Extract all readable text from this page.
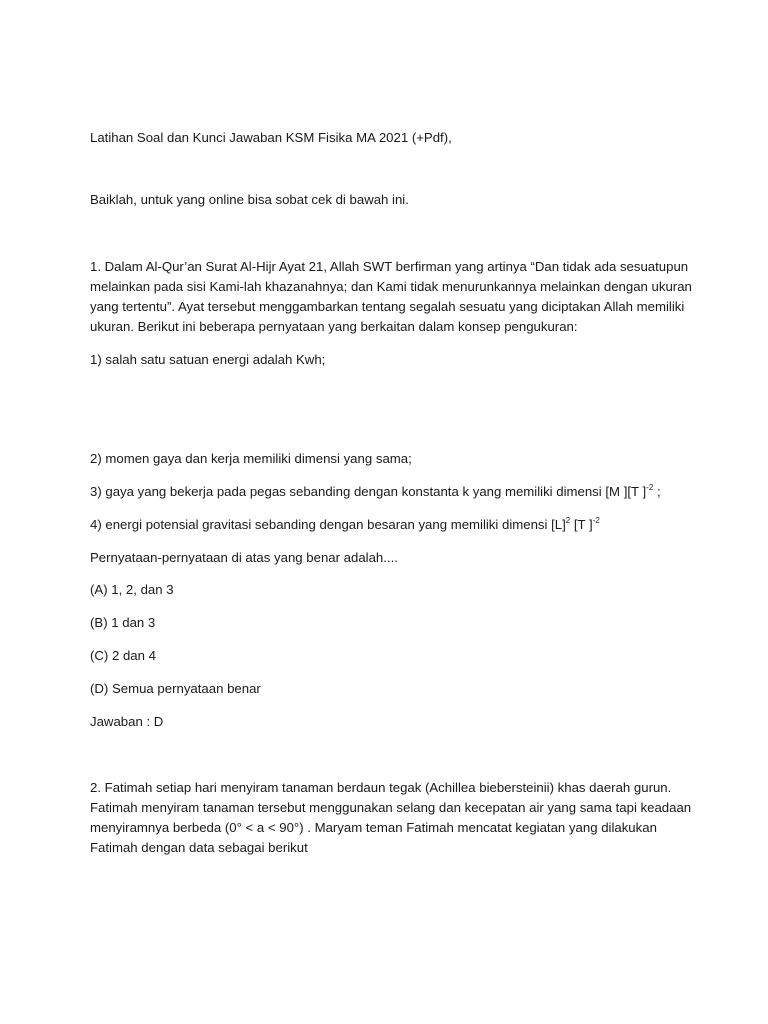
Latihan Soal dan Kunci Jawaban KSM Fisika MA 2021 (+Pdf),
Baiklah, untuk yang online bisa sobat cek di bawah ini.
1. Dalam Al-Qur’an Surat Al-Hijr Ayat 21, Allah SWT berfirman yang artinya “Dan tidak ada sesuatupun
melainkan pada sisi Kami-lah khazanahnya; dan Kami tidak menurunkannya melainkan dengan ukuran
yang tertentu”. Ayat tersebut menggambarkan tentang segalah sesuatu yang diciptakan Allah memiliki
ukuran. Berikut ini beberapa pernyataan yang berkaitan dalam konsep pengukuran:
1) salah satu satuan energi adalah Kwh;
2) momen gaya dan kerja memiliki dimensi yang sama;
3) gaya yang bekerja pada pegas sebanding dengan konstanta k yang memiliki dimensi [M ][T ]$^{-2}$ ;
4) energi potensial gravitasi sebanding dengan besaran yang memiliki dimensi $[L]^2$ [T ]$^{-2}$
Pernyataan-pernyataan di atas yang benar adalah....
(A) 1, 2, dan 3
(B) 1 dan 3
(C) 2 dan 4
(D) Semua pernyataan benar
Jawaban : D
2. Fatimah setiap hari menyiram tanaman berdaun tegak (Achillea biebersteinii) khas daerah gurun.
Fatimah menyiram tanaman tersebut menggunakan selang dan kecepatan air yang sama tapi keadaan
menyiramnya berbeda (0° < a < 90°) . Maryam teman Fatimah mencatat kegiatan yang dilakukan
Fatimah dengan data sebagai berikut
